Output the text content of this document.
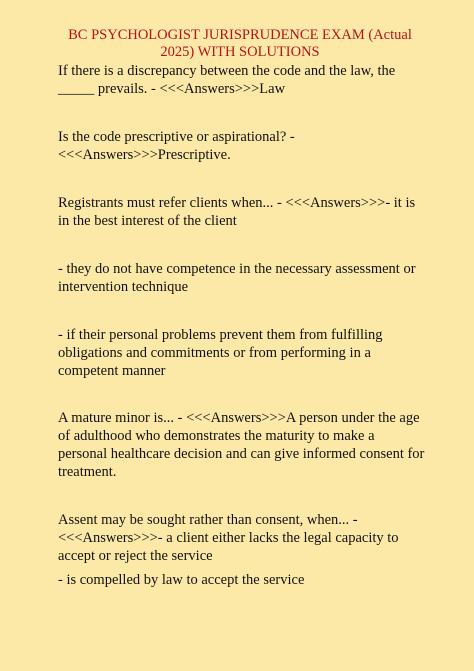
BC PSYCHOLOGIST JURISPRUDENCE EXAM (Actual
2025) WITH SOLUTIONS

If there is a discrepancy between the code and the law, the _____ prevails. - <<<Answers>>>Law

Is the code prescriptive or aspirational? - <<<Answers>>>Prescriptive.

Registrants must refer clients when... - <<<Answers>>>- it is in the best interest of the client

- they do not have competence in the necessary assessment or intervention technique

- if their personal problems prevent them from fulfilling obligations and commitments or from performing in a competent manner

A mature minor is... - <<<Answers>>>A person under the age of adulthood who demonstrates the maturity to make a personal healthcare decision and can give informed consent for treatment.

Assent may be sought rather than consent, when... - <<<Answers>>>- a client either lacks the legal capacity to accept or reject the service

- is compelled by law to accept the service
